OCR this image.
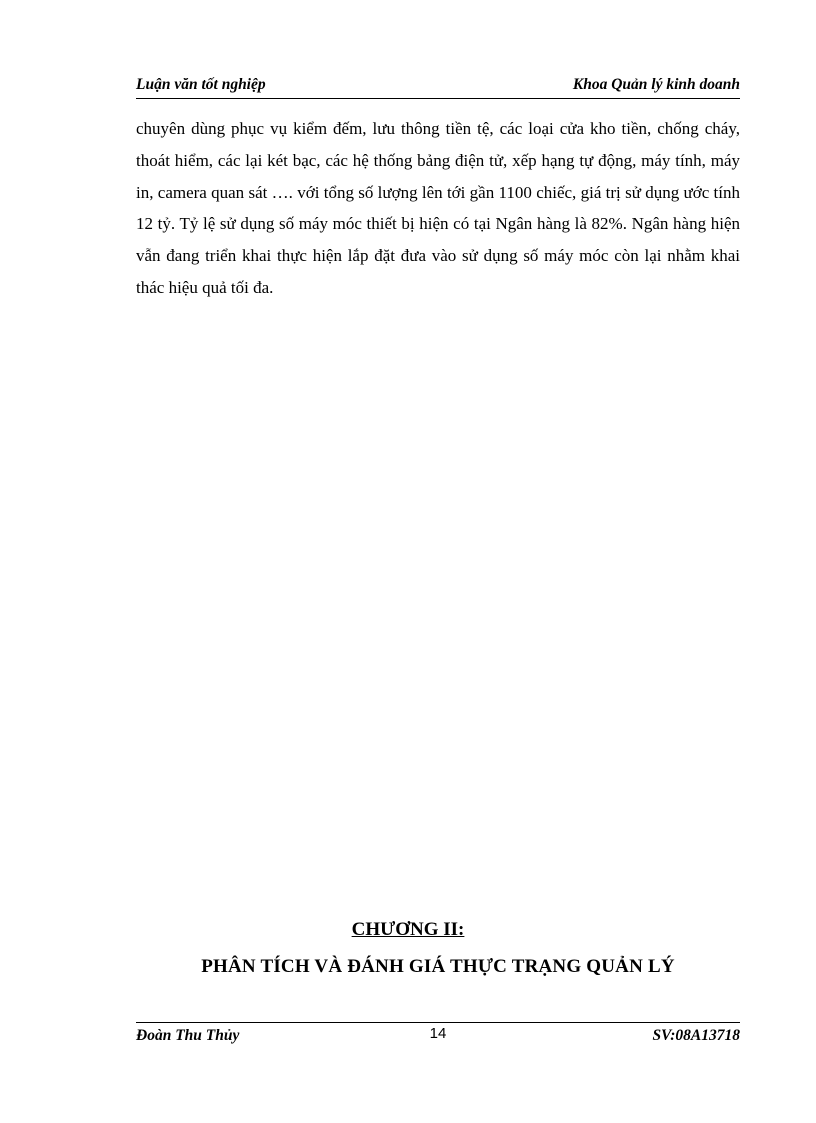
Luận văn tốt nghiệp	Khoa Quản lý kinh doanh

chuyên dùng phục vụ kiểm đếm, lưu thông tiền tệ, các loại cửa kho tiền, chống cháy, thoát hiểm, các lại két bạc, các hệ thống bảng điện tử, xếp hạng tự động, máy tính, máy in, camera quan sát …. với tổng số lượng lên tới gần 1100 chiếc, giá trị sử dụng ước tính 12 tỷ. Tỷ lệ sử dụng số máy móc thiết bị hiện có tại Ngân hàng là 82%. Ngân hàng hiện vẫn đang triển khai thực hiện lắp đặt đưa vào sử dụng số máy móc còn lại nhằm khai thác hiệu quả tối đa.

CHƯƠNG II:
PHÂN TÍCH VÀ ĐÁNH GIÁ THỰC TRẠNG QUẢN LÝ
Đoàn Thu Thủy	14	SV:08A13718
